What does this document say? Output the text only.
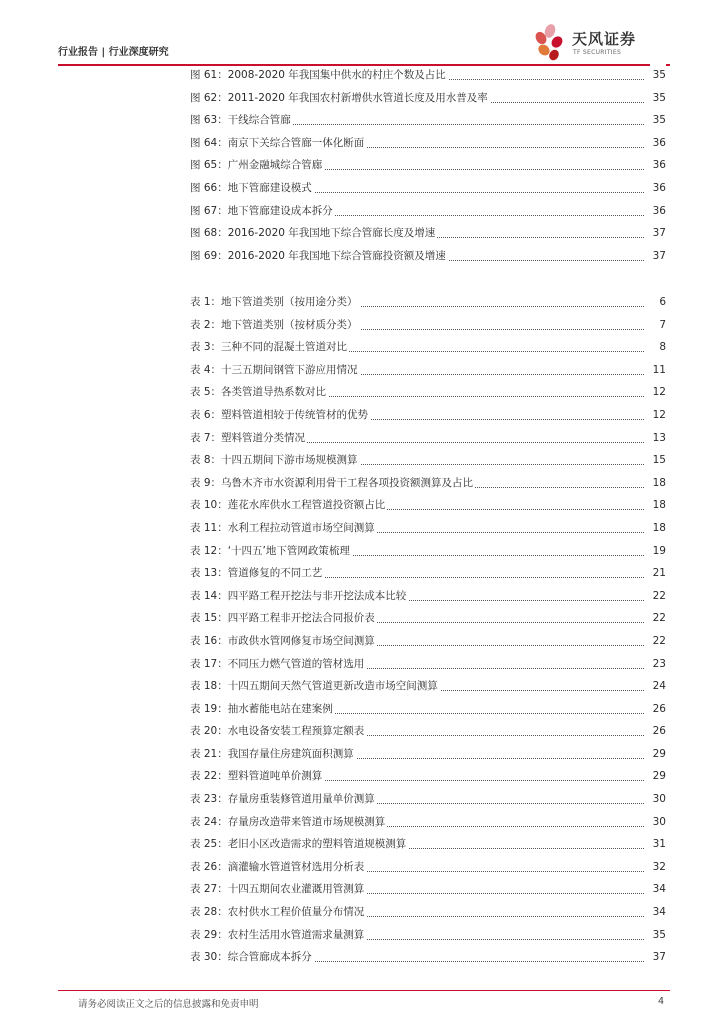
行业报告 | 行业深度研究
天风证券
TF SECURITIES
图 61：2008-2020 年我国集中供水的村庄个数及占比	35
图 62：2011-2020 年我国农村新增供水管道长度及用水普及率	35
图 63：干线综合管廊	35
图 64：南京下关综合管廊一体化断面	36
图 65：广州金融城综合管廊	36
图 66：地下管廊建设模式	36
图 67：地下管廊建设成本拆分	36
图 68：2016-2020 年我国地下综合管廊长度及增速	37
图 69：2016-2020 年我国地下综合管廊投资额及增速	37
表 1：地下管道类别（按用途分类）	6
表 2：地下管道类别（按材质分类）	7
表 3：三种不同的混凝土管道对比	8
表 4：十三五期间钢管下游应用情况	11
表 5：各类管道导热系数对比	12
表 6：塑料管道相较于传统管材的优势	12
表 7：塑料管道分类情况	13
表 8：十四五期间下游市场规模测算	15
表 9：乌鲁木齐市水资源利用骨干工程各项投资额测算及占比	18
表 10：莲花水库供水工程管道投资额占比	18
表 11：水利工程拉动管道市场空间测算	18
表 12：‘十四五’地下管网政策梳理	19
表 13：管道修复的不同工艺	21
表 14：四平路工程开挖法与非开挖法成本比较	22
表 15：四平路工程非开挖法合同报价表	22
表 16：市政供水管网修复市场空间测算	22
表 17：不同压力燃气管道的管材选用	23
表 18：十四五期间天然气管道更新改造市场空间测算	24
表 19：抽水蓄能电站在建案例	26
表 20：水电设备安装工程预算定额表	26
表 21：我国存量住房建筑面积测算	29
表 22：塑料管道吨单价测算	29
表 23：存量房重装修管道用量单价测算	30
表 24：存量房改造带来管道市场规模测算	30
表 25：老旧小区改造需求的塑料管道规模测算	31
表 26：滴灌输水管道管材选用分析表	32
表 27：十四五期间农业灌溉用管测算	34
表 28：农村供水工程价值量分布情况	34
表 29：农村生活用水管道需求量测算	35
表 30：综合管廊成本拆分	37
请务必阅读正文之后的信息披露和免责申明	4
